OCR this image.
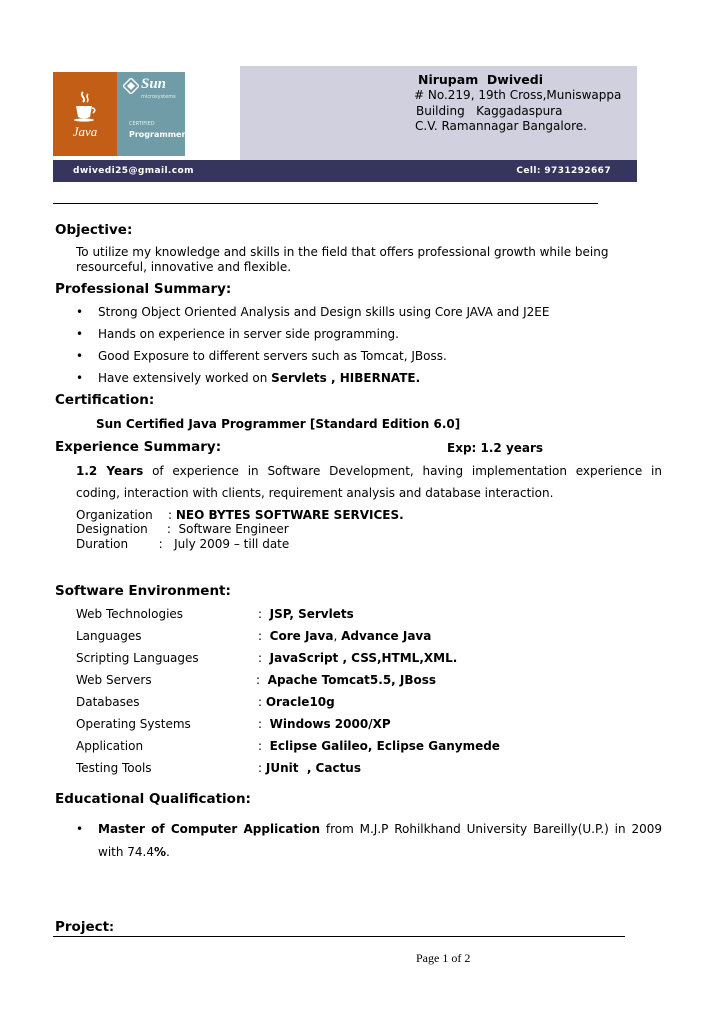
Java
Sun
microsystems
CERTIFIED
Programmer
Nirupam  Dwivedi
# No.219, 19th Cross,Muniswappa
Building   Kaggadaspura
C.V. Ramannagar Bangalore.
dwivedi25@gmail.com	Cell: 9731292667
Objective:
To utilize my knowledge and skills in the field that offers professional growth while being
resourceful, innovative and flexible.
Professional Summary:
• Strong Object Oriented Analysis and Design skills using Core JAVA and J2EE
• Hands on experience in server side programming.
• Good Exposure to different servers such as Tomcat, JBoss.
• Have extensively worked on Servlets , HIBERNATE.
Certification:
Sun Certified Java Programmer [Standard Edition 6.0]
Experience Summary:	Exp: 1.2 years
1.2 Years of experience in Software Development, having implementation experience in
coding, interaction with clients, requirement analysis and database interaction.
Organization    : NEO BYTES SOFTWARE SERVICES.
Designation     :  Software Engineer
Duration        :   July 2009 – till date
Software Environment:
Web Technologies	:  JSP, Servlets
Languages	:  Core Java, Advance Java
Scripting Languages	:  JavaScript , CSS,HTML,XML.
Web Servers	:  Apache Tomcat5.5, JBoss
Databases	: Oracle10g
Operating Systems	:  Windows 2000/XP
Application	:  Eclipse Galileo, Eclipse Ganymede
Testing Tools	: JUnit  , Cactus
Educational Qualification:
• Master of Computer Application from M.J.P Rohilkhand University Bareilly(U.P.) in 2009
with 74.4%.
Project:
Page 1 of 2
